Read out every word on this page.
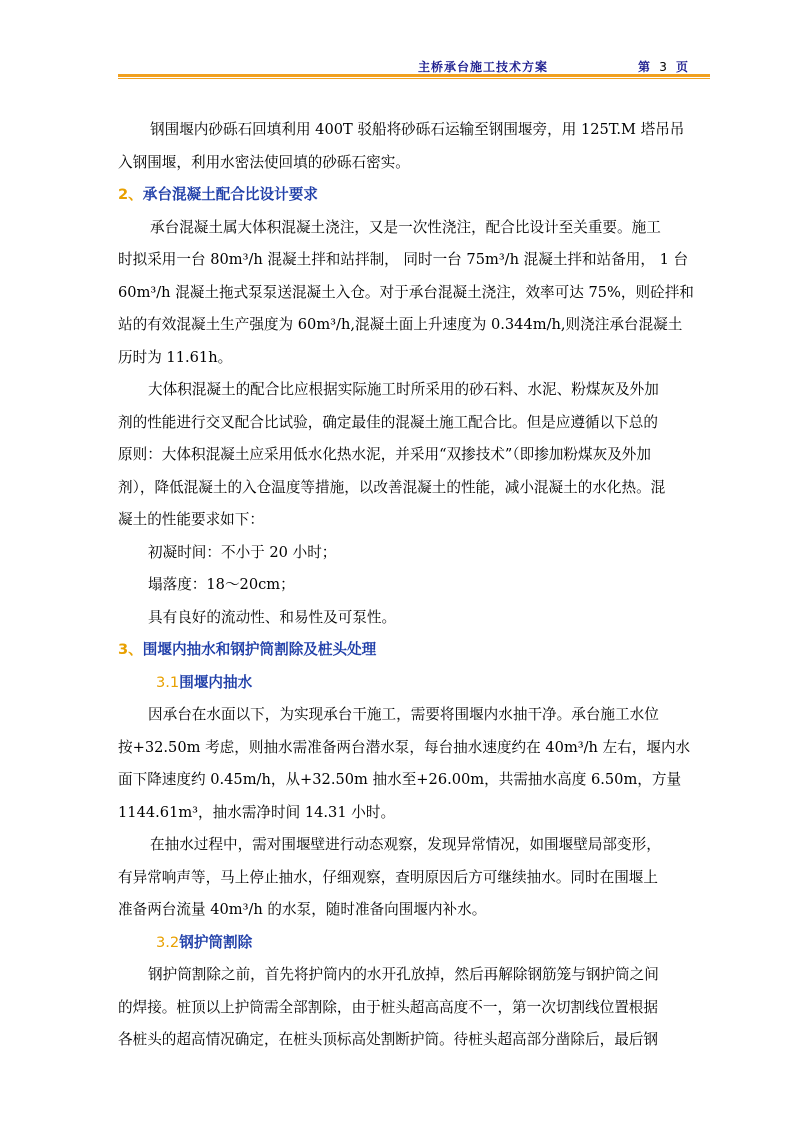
主桥承台施工技术方案	第 3 页

钢围堰内砂砾石回填利用 400T 驳船将砂砾石运输至钢围堰旁，用 125T.M 塔吊吊

入钢围堰，利用水密法使回填的砂砾石密实。

2、承台混凝土配合比设计要求

承台混凝土属大体积混凝土浇注，又是一次性浇注，配合比设计至关重要。施工

时拟采用一台 80m³/h 混凝土拌和站拌制， 同时一台 75m³/h 混凝土拌和站备用， 1 台

60m³/h 混凝土拖式泵泵送混凝土入仓。对于承台混凝土浇注，效率可达 75%，则砼拌和

站的有效混凝土生产强度为 60m³/h,混凝土面上升速度为 0.344m/h,则浇注承台混凝土

历时为 11.61h。

大体积混凝土的配合比应根据实际施工时所采用的砂石料、水泥、粉煤灰及外加

剂的性能进行交叉配合比试验，确定最佳的混凝土施工配合比。但是应遵循以下总的

原则：大体积混凝土应采用低水化热水泥，并采用“双掺技术”（即掺加粉煤灰及外加

剂），降低混凝土的入仓温度等措施，以改善混凝土的性能，减小混凝土的水化热。混

凝土的性能要求如下：

初凝时间：不小于 20 小时；

塌落度：18～20cm；

具有良好的流动性、和易性及可泵性。

3、围堰内抽水和钢护筒割除及桩头处理
3.1围堰内抽水

因承台在水面以下，为实现承台干施工，需要将围堰内水抽干净。承台施工水位

按+32.50m 考虑，则抽水需准备两台潜水泵，每台抽水速度约在 40m³/h 左右，堰内水

面下降速度约 0.45m/h，从+32.50m 抽水至+26.00m，共需抽水高度 6.50m，方量

1144.61m³，抽水需净时间 14.31 小时。

在抽水过程中，需对围堰壁进行动态观察，发现异常情况，如围堰壁局部变形，

有异常响声等，马上停止抽水，仔细观察，查明原因后方可继续抽水。同时在围堰上

准备两台流量 40m³/h 的水泵，随时准备向围堰内补水。

3.2钢护筒割除

钢护筒割除之前，首先将护筒内的水开孔放掉，然后再解除钢筋笼与钢护筒之间

的焊接。桩顶以上护筒需全部割除，由于桩头超高高度不一，第一次切割线位置根据

各桩头的超高情况确定，在桩头顶标高处割断护筒。待桩头超高部分凿除后，最后钢
